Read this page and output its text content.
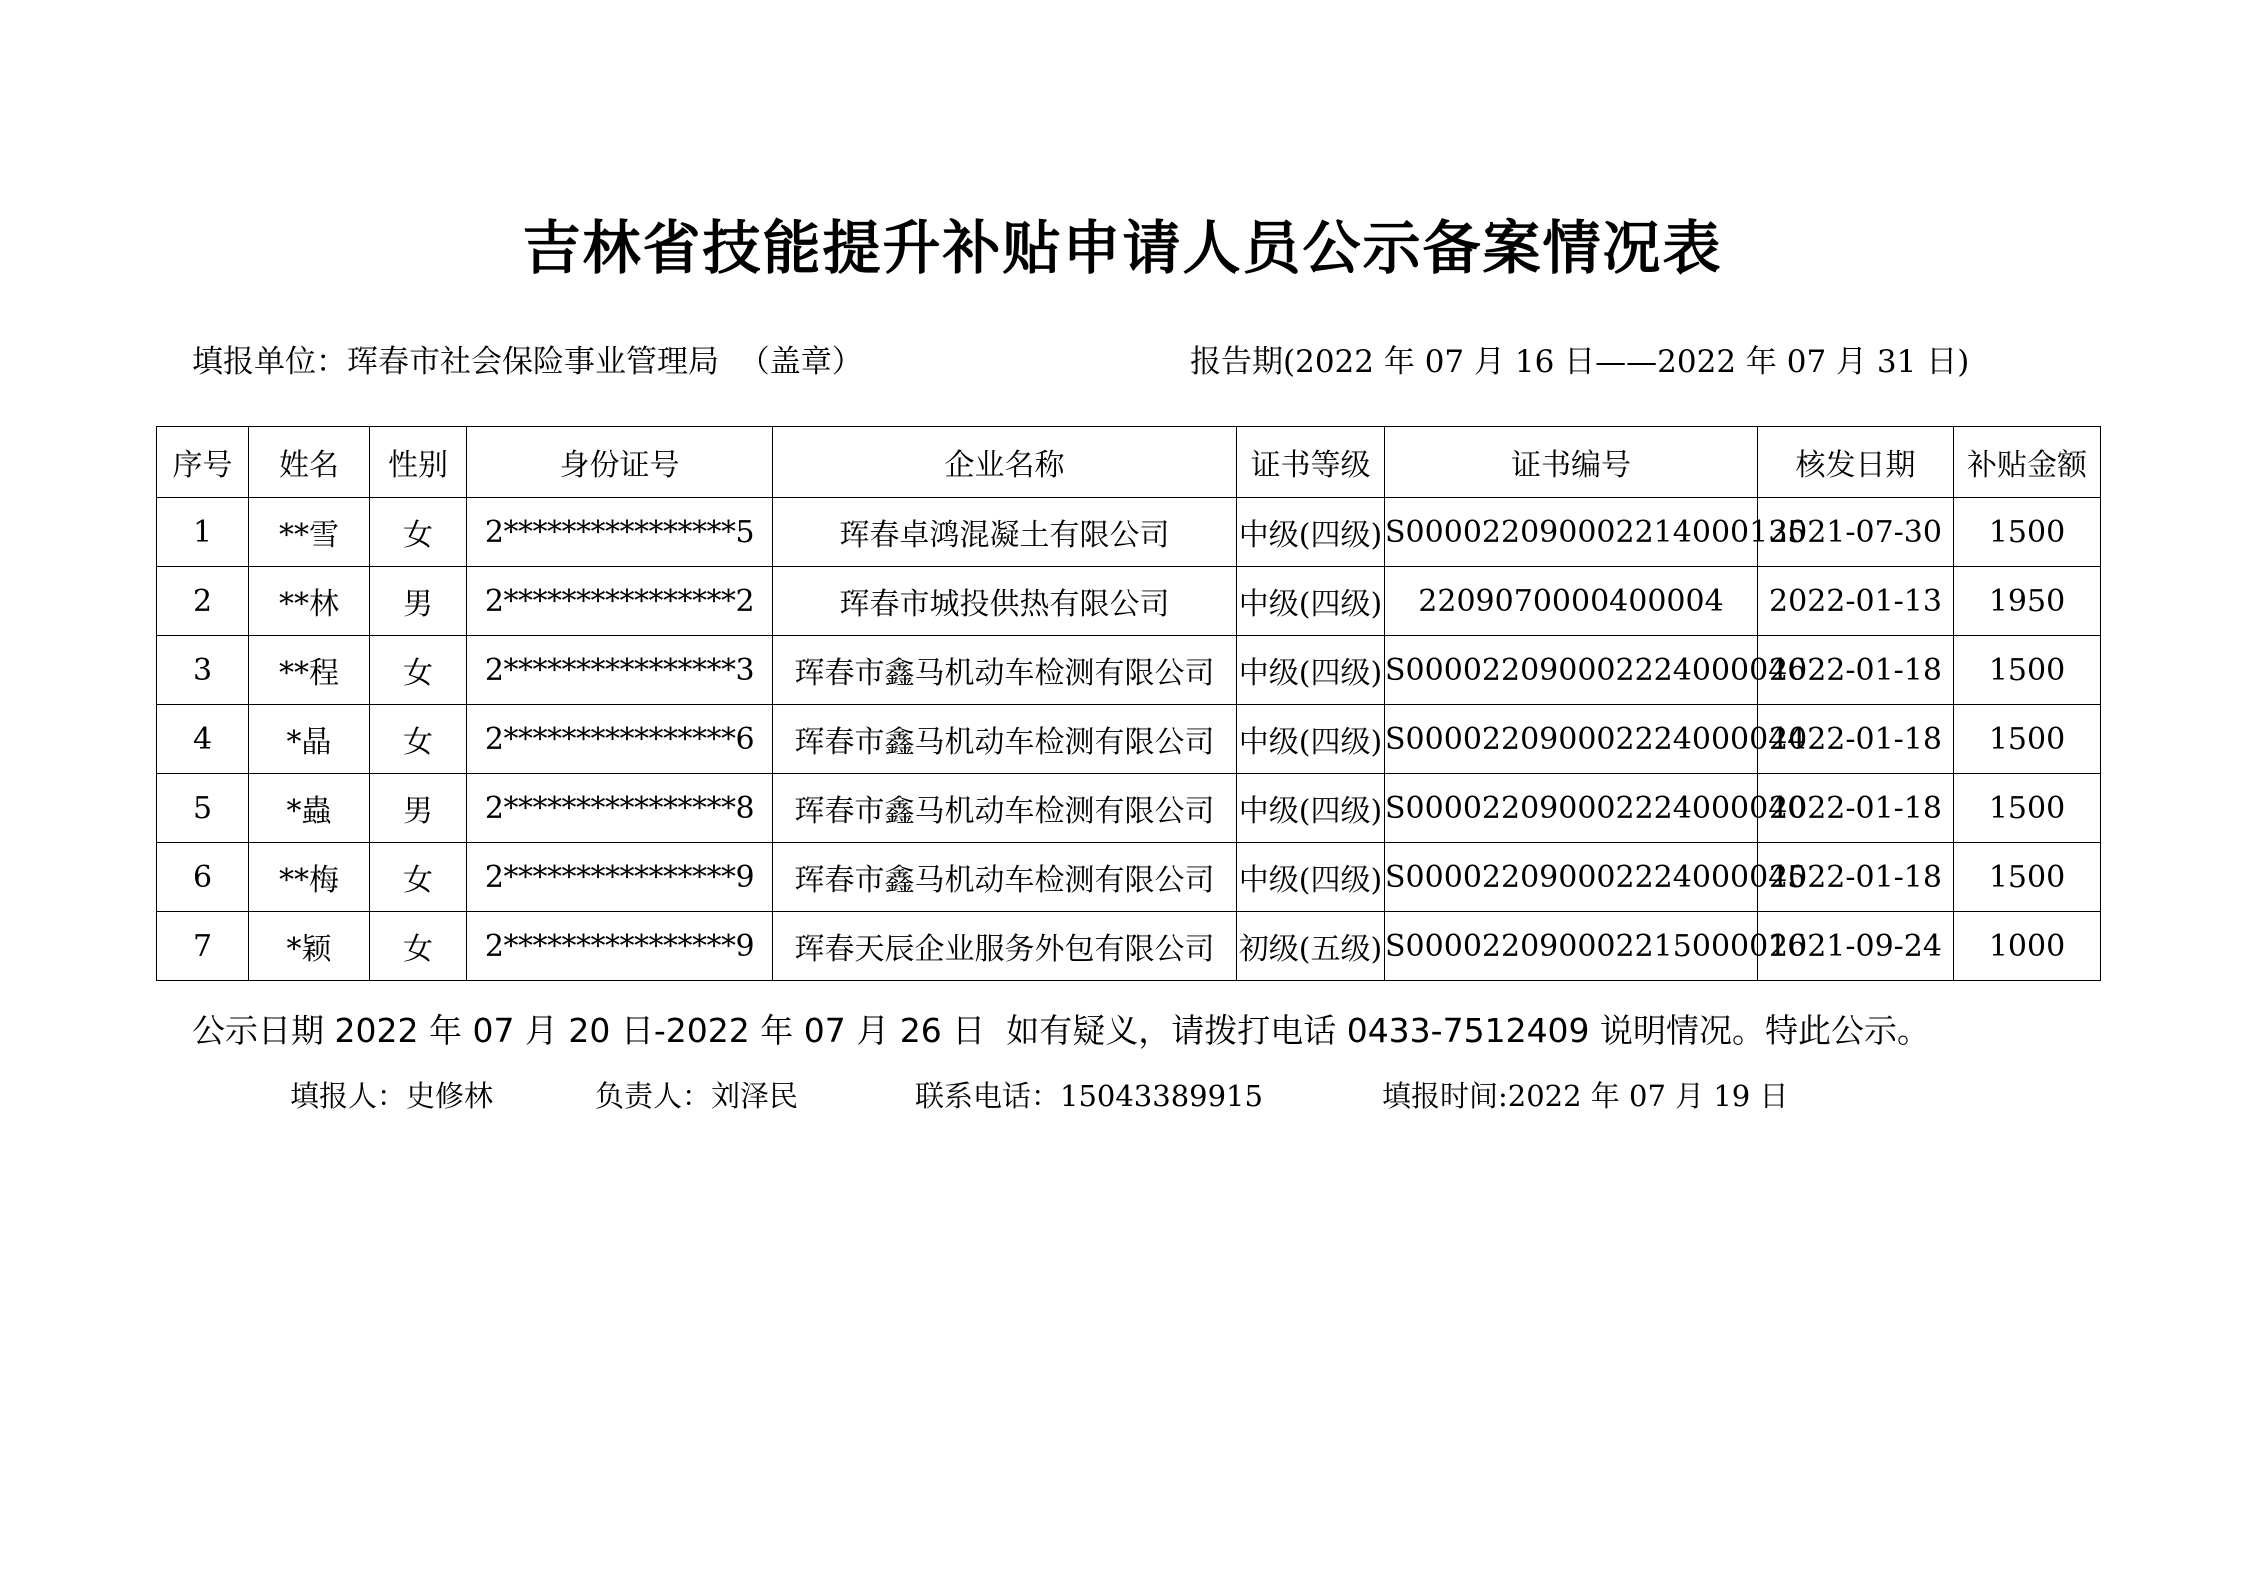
吉林省技能提升补贴申请人员公示备案情况表
填报单位：珲春市社会保险事业管理局 （盖章）	报告期(2022 年 07 月 16 日——2022 年 07 月 31 日)
序号	姓名	性别	身份证号	企业名称	证书等级	证书编号	核发日期	补贴金额
1	**雪	女	2****************5	珲春卓鸿混凝土有限公司	中级(四级)	S000022090002214000135	2021-07-30	1500
2	**林	男	2****************2	珲春市城投供热有限公司	中级(四级)	2209070000400004	2022-01-13	1950
3	**程	女	2****************3	珲春市鑫马机动车检测有限公司	中级(四级)	S000022090002224000046	2022-01-18	1500
4	*晶	女	2****************6	珲春市鑫马机动车检测有限公司	中级(四级)	S000022090002224000044	2022-01-18	1500
5	*蟲	男	2****************8	珲春市鑫马机动车检测有限公司	中级(四级)	S000022090002224000040	2022-01-18	1500
6	**梅	女	2****************9	珲春市鑫马机动车检测有限公司	中级(四级)	S000022090002224000045	2022-01-18	1500
7	*颖	女	2****************9	珲春天辰企业服务外包有限公司	初级(五级)	S000022090002215000016	2021-09-24	1000
公示日期 2022 年 07 月 20 日-2022 年 07 月 26 日  如有疑义，请拨打电话 0433-7512409 说明情况。特此公示。
填报人：史修林	负责人：刘泽民	联系电话：15043389915	填报时间:2022 年 07 月 19 日
